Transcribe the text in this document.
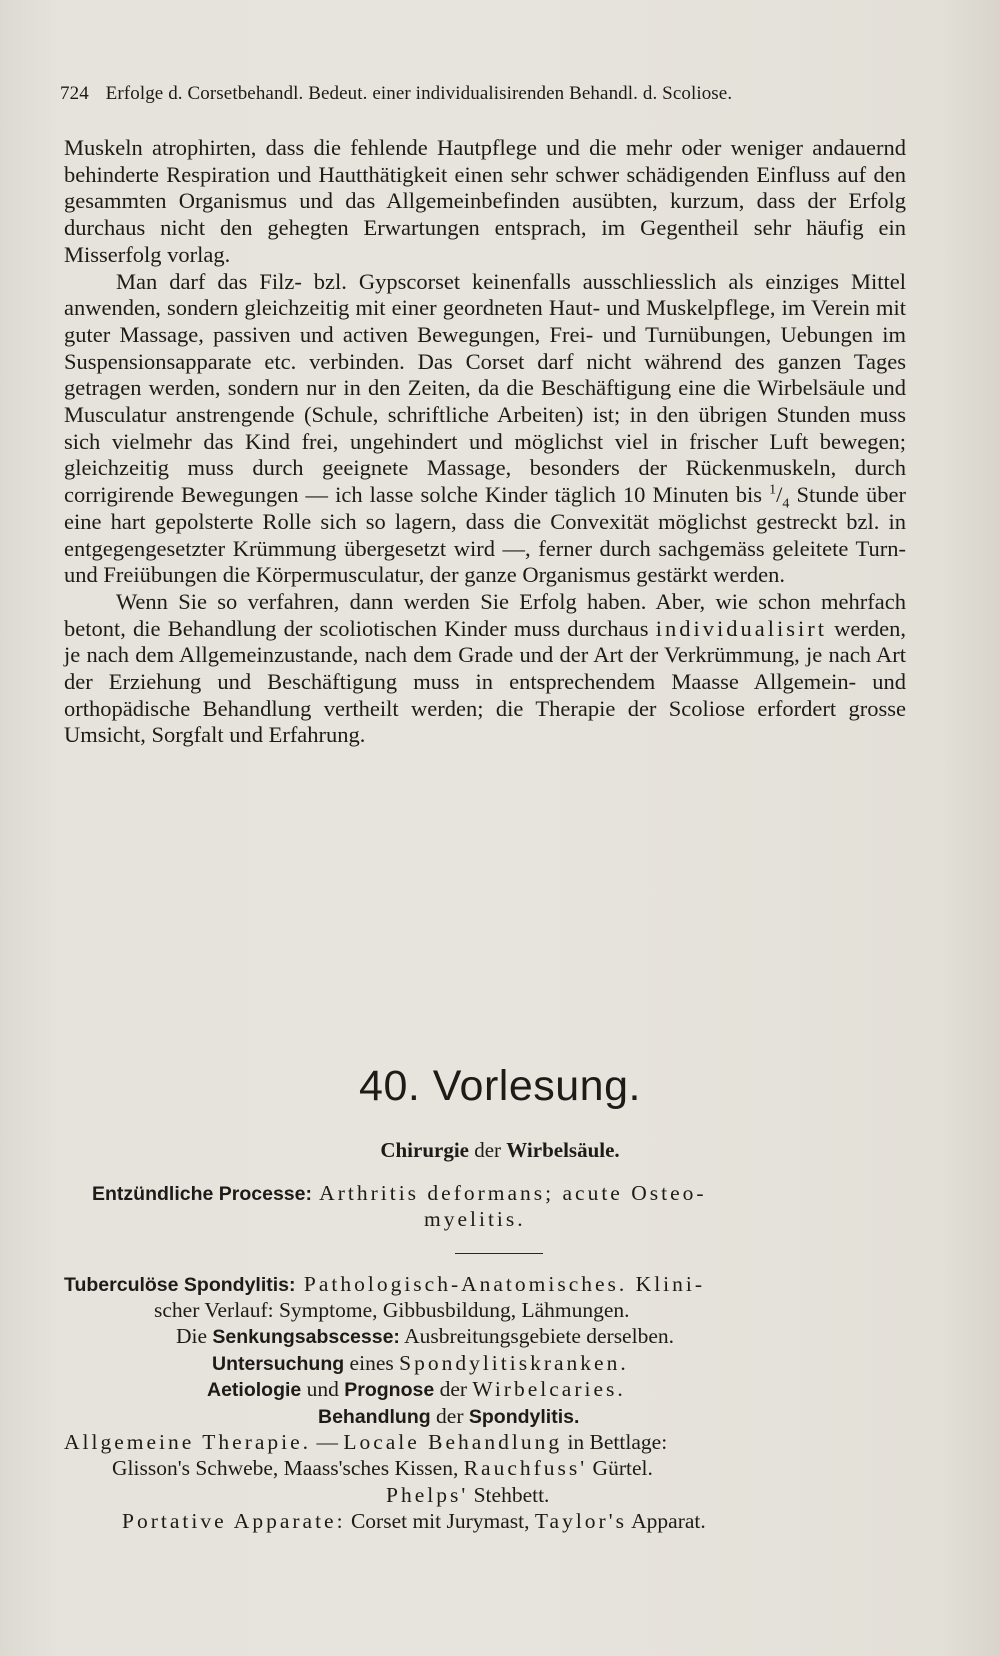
724 Erfolge d. Corsetbehandl. Bedeut. einer individualisirenden Behandl. d. Scoliose.

Muskeln atrophirten, dass die fehlende Hautpflege und die mehr oder weniger andauernd behinderte Respiration und Hautthätigkeit einen sehr schwer schädigenden Einfluss auf den gesammten Organismus und das Allgemeinbefinden ausübten, kurzum, dass der Erfolg durchaus nicht den gehegten Erwartungen entsprach, im Gegentheil sehr häufig ein Misserfolg vorlag.

Man darf das Filz- bzl. Gypscorset keinenfalls ausschliesslich als einziges Mittel anwenden, sondern gleichzeitig mit einer geordneten Haut- und Muskelpflege, im Verein mit guter Massage, passiven und activen Bewegungen, Frei- und Turnübungen, Uebungen im Suspensionsapparate etc. verbinden. Das Corset darf nicht während des ganzen Tages getragen werden, sondern nur in den Zeiten, da die Beschäftigung eine die Wirbelsäule und Musculatur anstrengende (Schule, schriftliche Arbeiten) ist; in den übrigen Stunden muss sich vielmehr das Kind frei, ungehindert und möglichst viel in frischer Luft bewegen; gleichzeitig muss durch geeignete Massage, besonders der Rückenmuskeln, durch corrigirende Bewegungen — ich lasse solche Kinder täglich 10 Minuten bis $^1/_4$ Stunde über eine hart gepolsterte Rolle sich so lagern, dass die Convexität möglichst gestreckt bzl. in entgegengesetzter Krümmung übergesetzt wird —, ferner durch sachgemäss geleitete Turn- und Freiübungen die Körpermusculatur, der ganze Organismus gestärkt werden.

Wenn Sie so verfahren, dann werden Sie Erfolg haben. Aber, wie schon mehrfach betont, die Behandlung der scoliotischen Kinder muss durchaus individualisirt werden, je nach dem Allgemeinzustande, nach dem Grade und der Art der Verkrümmung, je nach Art der Erziehung und Beschäftigung muss in entsprechendem Maasse Allgemein- und orthopädische Behandlung vertheilt werden; die Therapie der Scoliose erfordert grosse Umsicht, Sorgfalt und Erfahrung.

40. Vorlesung.
Chirurgie der Wirbelsäule.
Entzündliche Processe: Arthritis deformans; acute Osteo-
myelitis.
Tuberculöse Spondylitis: Pathologisch-Anatomisches. Klini-
scher Verlauf: Symptome, Gibbusbildung, Lähmungen.
Die Senkungsabscesse: Ausbreitungsgebiete derselben.
Untersuchung eines Spondylitiskranken.
Aetiologie und Prognose der Wirbelcaries.
Behandlung der Spondylitis.
Allgemeine Therapie. — Locale Behandlung in Bettlage:
Glisson's Schwebe, Maass'sches Kissen, Rauchfuss' Gürtel.
Phelps' Stehbett.
Portative Apparate: Corset mit Jurymast, Taylor's Apparat.
